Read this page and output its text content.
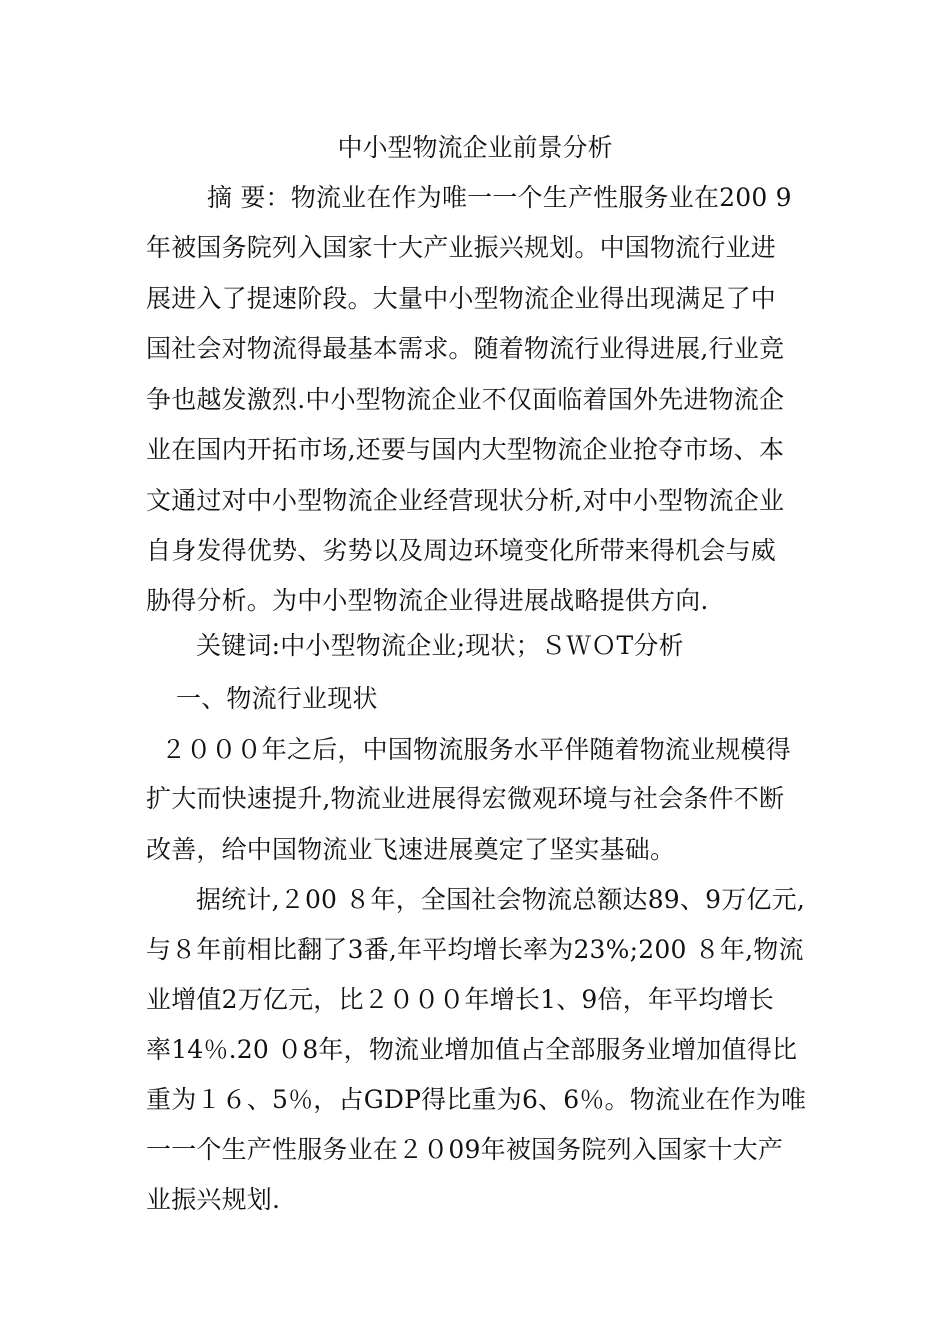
中小型物流企业前景分析
摘 要：物流业在作为唯一一个生产性服务业在200 9
年被国务院列入国家十大产业振兴规划。中国物流行业进
展进入了提速阶段。大量中小型物流企业得出现满足了中
国社会对物流得最基本需求。随着物流行业得进展,行业竞
争也越发激烈.中小型物流企业不仅面临着国外先进物流企
业在国内开拓市场,还要与国内大型物流企业抢夺市场、本
文通过对中小型物流企业经营现状分析,对中小型物流企业
自身发得优势、劣势以及周边环境变化所带来得机会与威
胁得分析。为中小型物流企业得进展战略提供方向.
关键词:中小型物流企业;现状；ＳＷＯT分析
一、物流行业现状
２０００年之后，中国物流服务水平伴随着物流业规模得
扩大而快速提升,物流业进展得宏微观环境与社会条件不断
改善，给中国物流业飞速进展奠定了坚实基础。
据统计,２00 ８年，全国社会物流总额达89、9万亿元,
与８年前相比翻了3番,年平均增长率为23%;200 ８年,物流
业增值2万亿元，比２０００年增长1、9倍，年平均增长
率14％.20 ０8年，物流业增加值占全部服务业增加值得比
重为１６、5％，占GDP得比重为6、6％。物流业在作为唯
一一个生产性服务业在２０09年被国务院列入国家十大产
业振兴规划.
